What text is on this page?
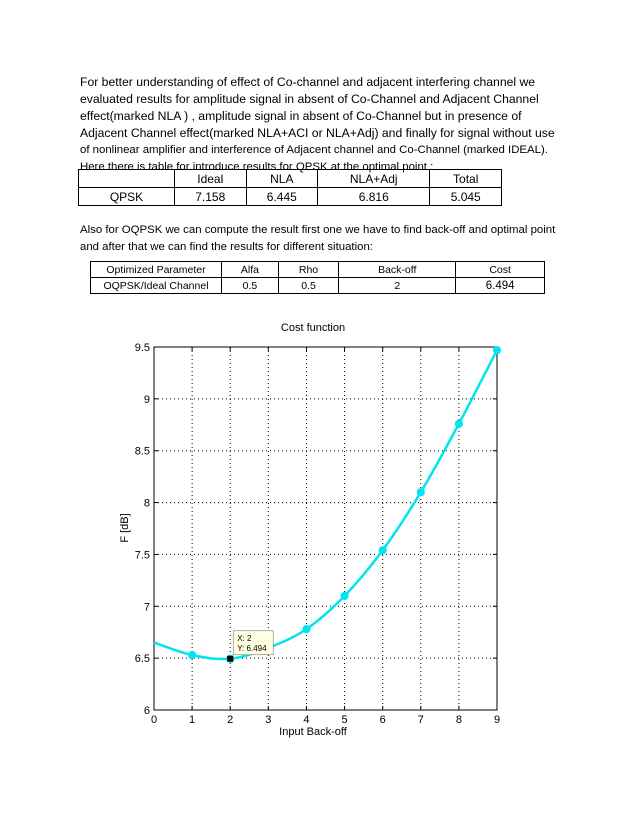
For better understanding of effect of Co-channel and adjacent interfering channel we
evaluated results for amplitude signal in absent of Co-Channel and Adjacent Channel
effect(marked NLA ) , amplitude signal in absent of Co-Channel but in presence of
Adjacent Channel effect(marked NLA+ACI or NLA+Adj) and finally for signal without use
of nonlinear amplifier and interference of Adjacent channel and Co-Channel (marked IDEAL).
Here there is table for introduce results for QPSK at the optimal point :
	Ideal	NLA	NLA+Adj	Total
QPSK	7.158	6.445	6.816	5.045
Also for OQPSK we can compute the result first one we have to find back-off and optimal point
and after that we can find the results for different situation:
Optimized Parameter	Alfa	Rho	Back-off	Cost
OQPSK/Ideal Channel	0.5	0.5	2	6.494
Cost function
0	1	2	3	4	5	6	7	8	9
6
6.5
7
7.5
8
8.5
9
9.5
X: 2
Y: 6.494
Input Back-off
F [dB]
